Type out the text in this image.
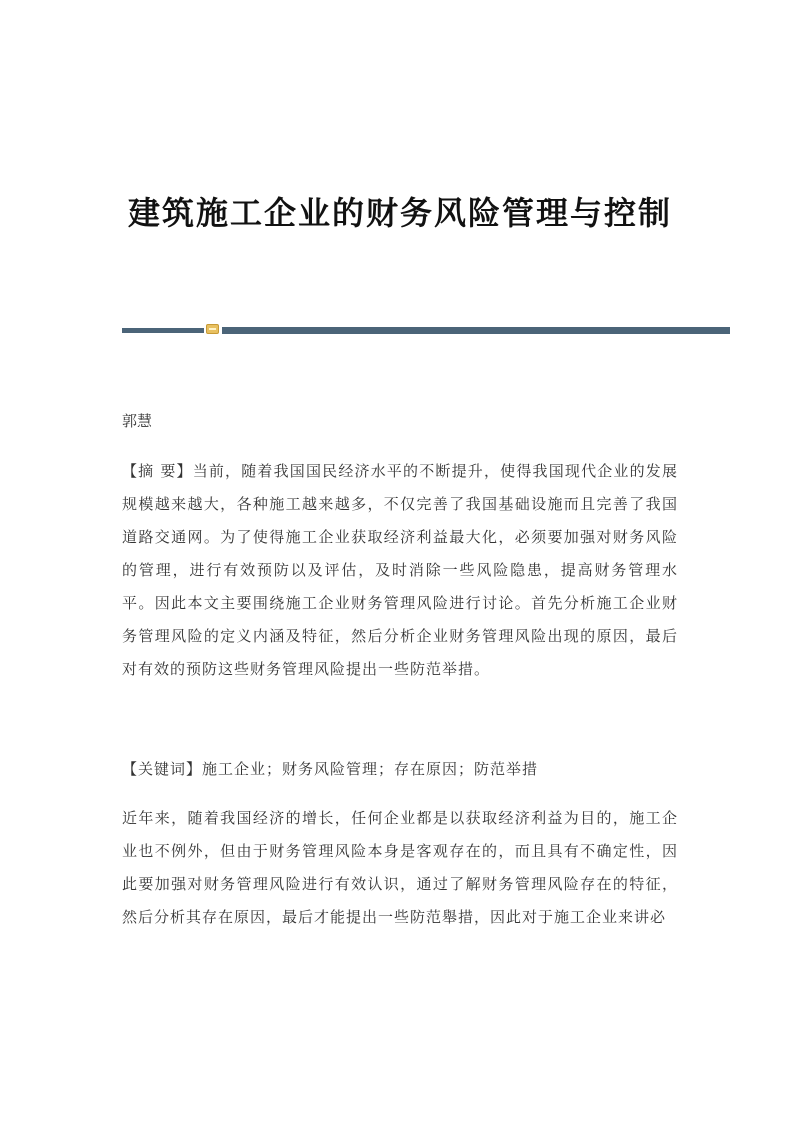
建筑施工企业的财务风险管理与控制
郭慧
【摘 要】当前，随着我国国民经济水平的不断提升，使得我国现代企业的发展规模越来越大，各种施工越来越多，不仅完善了我国基础设施而且完善了我国道路交通网。为了使得施工企业获取经济利益最大化，必须要加强对财务风险的管理，进行有效预防以及评估，及时消除一些风险隐患，提高财务管理水平。因此本文主要围绕施工企业财务管理风险进行讨论。首先分析施工企业财务管理风险的定义内涵及特征，然后分析企业财务管理风险出现的原因，最后对有效的预防这些财务管理风险提出一些防范举措。
【关键词】施工企业；财务风险管理；存在原因；防范举措
近年来，随着我国经济的增长，任何企业都是以获取经济利益为目的，施工企业也不例外，但由于财务管理风险本身是客观存在的，而且具有不确定性，因此要加强对财务管理风险进行有效认识，通过了解财务管理风险存在的特征，然后分析其存在原因，最后才能提出一些防范舉措，因此对于施工企业来讲必
